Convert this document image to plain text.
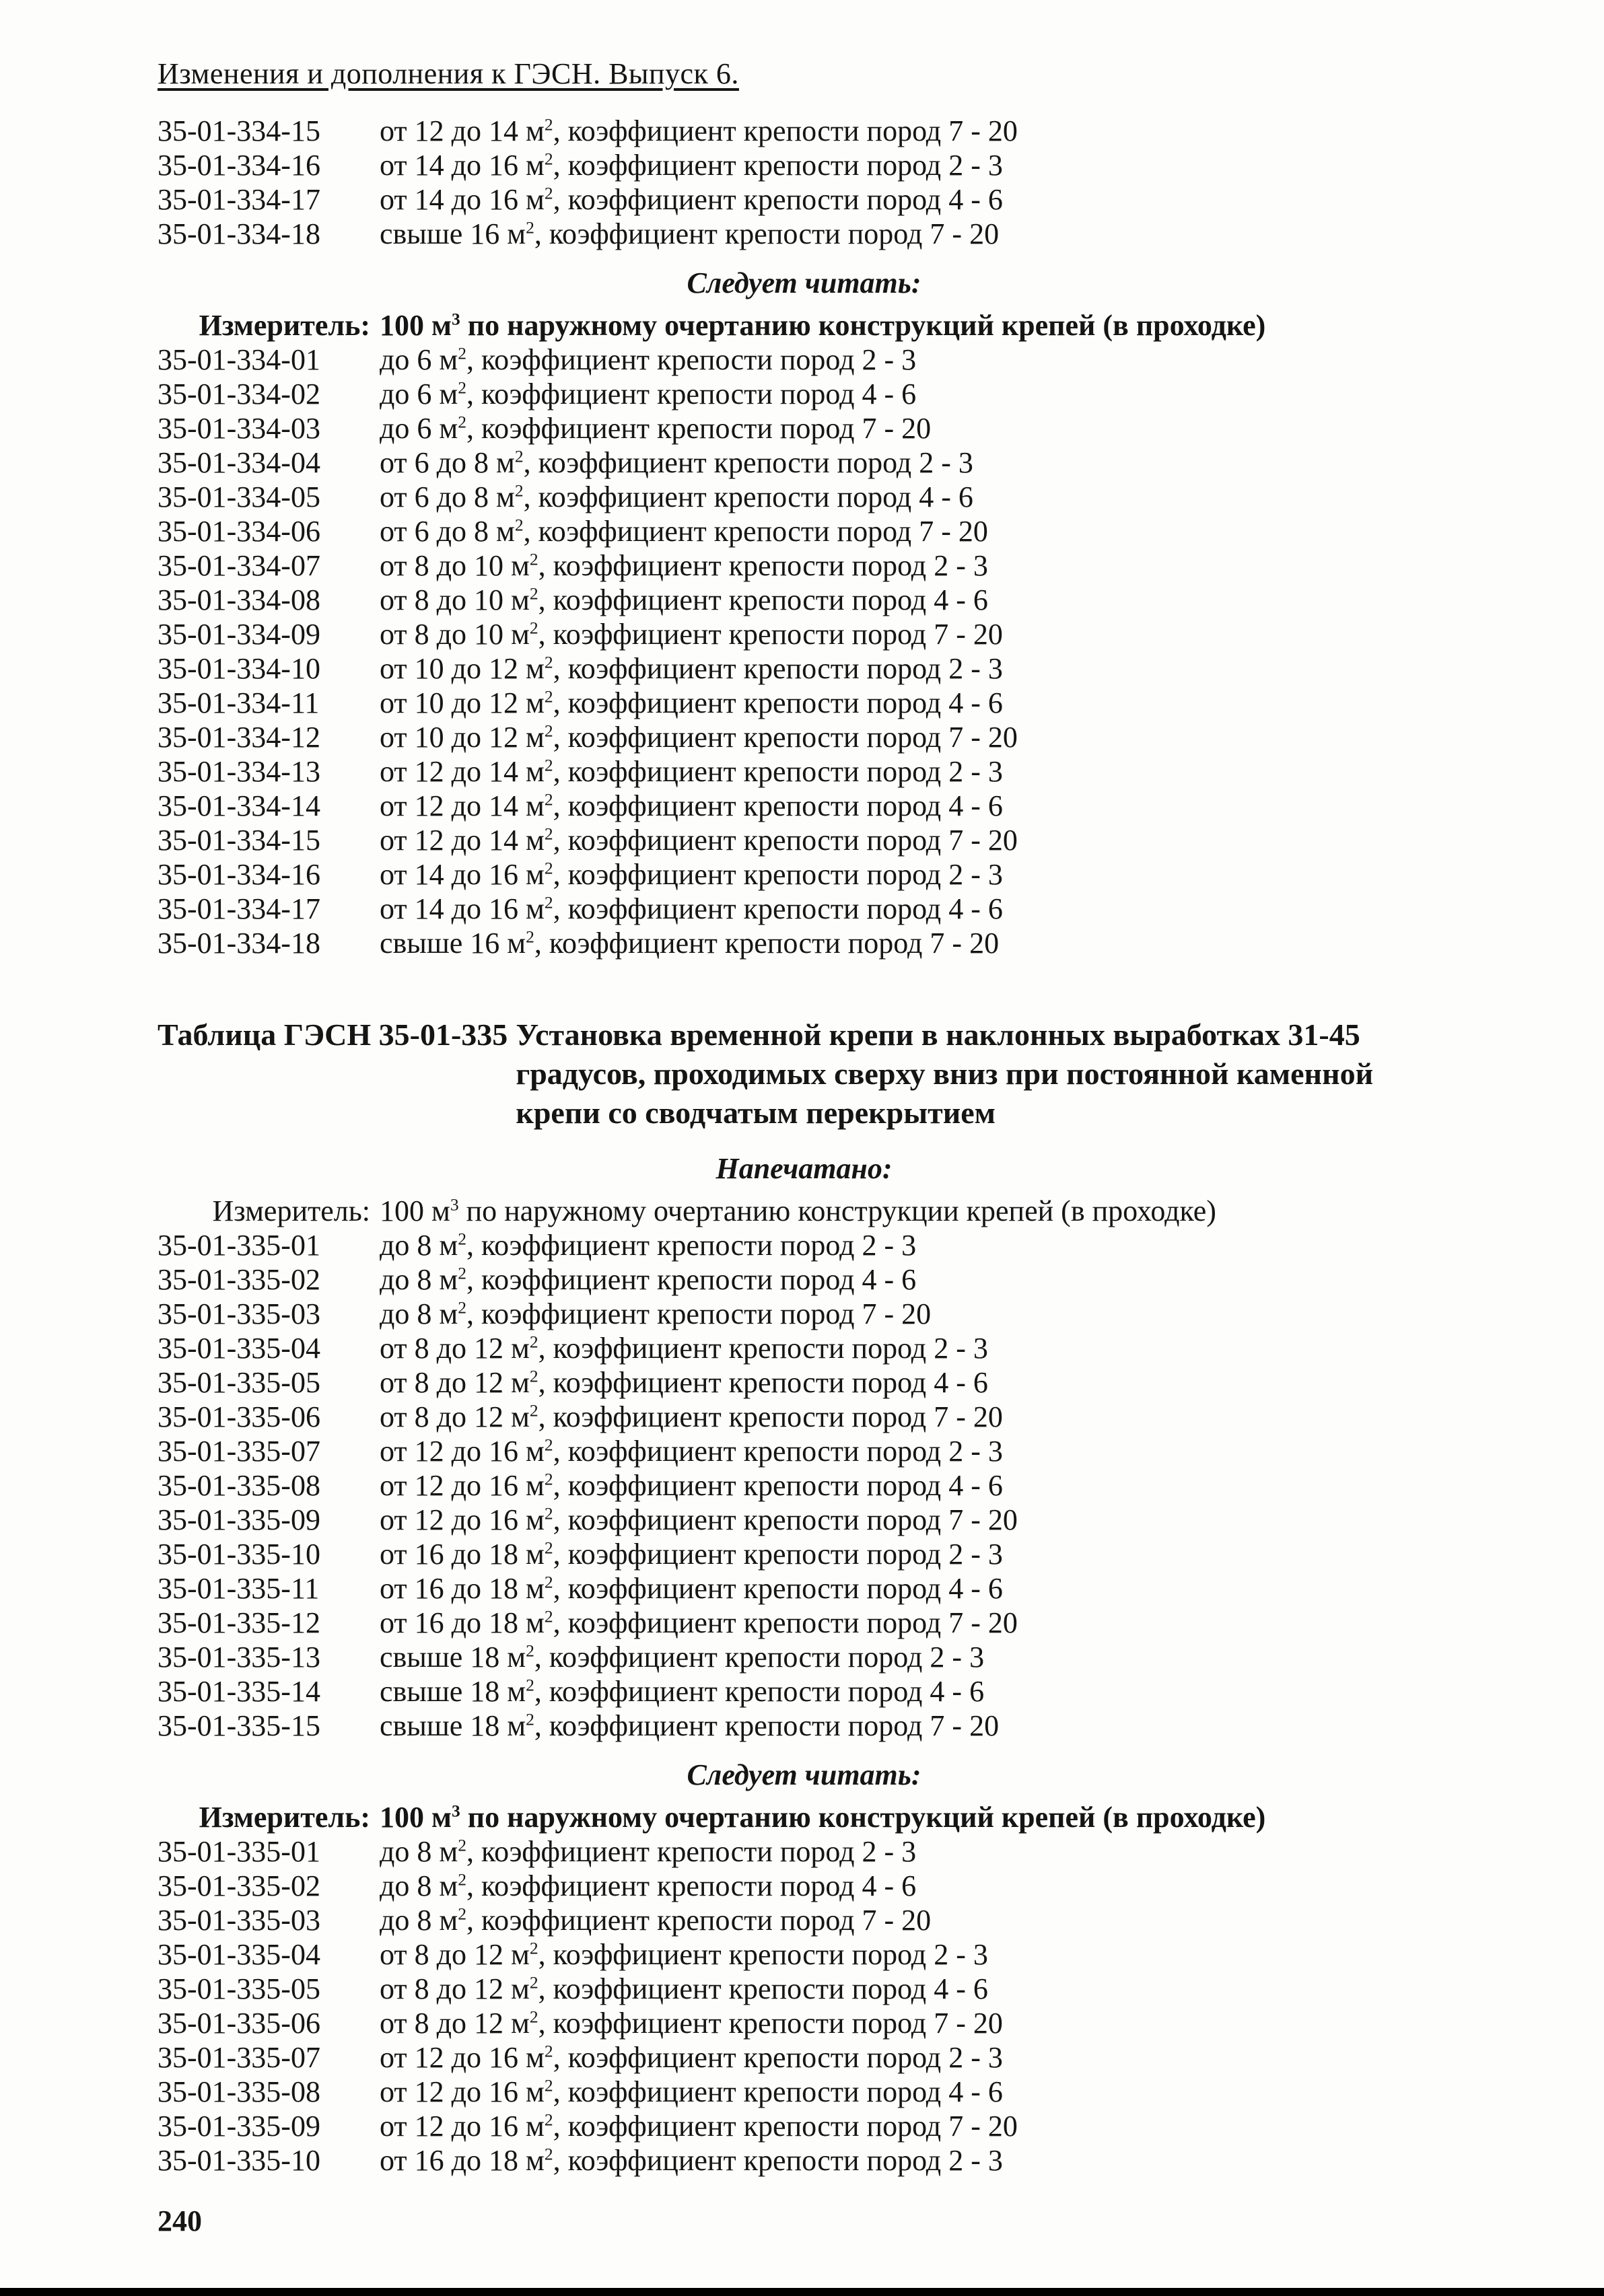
Изменения и дополнения к ГЭСН. Выпуск 6.
35-01-334-15	от 12 до 14 $м^2$, коэффициент крепости пород 7 - 20
35-01-334-16	от 14 до 16 $м^2$, коэффициент крепости пород 2 - 3
35-01-334-17	от 14 до 16 $м^2$, коэффициент крепости пород 4 - 6
35-01-334-18	свыше 16 $м^2$, коэффициент крепости пород 7 - 20
Следует читать:
Измеритель: 100 $м^3$ по наружному очертанию конструкций крепей (в проходке)
35-01-334-01	до 6 $м^2$, коэффициент крепости пород 2 - 3
35-01-334-02	до 6 $м^2$, коэффициент крепости пород 4 - 6
35-01-334-03	до 6 $м^2$, коэффициент крепости пород 7 - 20
35-01-334-04	от 6 до 8 $м^2$, коэффициент крепости пород 2 - 3
35-01-334-05	от 6 до 8 $м^2$, коэффициент крепости пород 4 - 6
35-01-334-06	от 6 до 8 $м^2$, коэффициент крепости пород 7 - 20
35-01-334-07	от 8 до 10 $м^2$, коэффициент крепости пород 2 - 3
35-01-334-08	от 8 до 10 $м^2$, коэффициент крепости пород 4 - 6
35-01-334-09	от 8 до 10 $м^2$, коэффициент крепости пород 7 - 20
35-01-334-10	от 10 до 12 $м^2$, коэффициент крепости пород 2 - 3
35-01-334-11	от 10 до 12 $м^2$, коэффициент крепости пород 4 - 6
35-01-334-12	от 10 до 12 $м^2$, коэффициент крепости пород 7 - 20
35-01-334-13	от 12 до 14 $м^2$, коэффициент крепости пород 2 - 3
35-01-334-14	от 12 до 14 $м^2$, коэффициент крепости пород 4 - 6
35-01-334-15	от 12 до 14 $м^2$, коэффициент крепости пород 7 - 20
35-01-334-16	от 14 до 16 $м^2$, коэффициент крепости пород 2 - 3
35-01-334-17	от 14 до 16 $м^2$, коэффициент крепости пород 4 - 6
35-01-334-18	свыше 16 $м^2$, коэффициент крепости пород 7 - 20
Таблица ГЭСН 35-01-335 Установка временной крепи в наклонных выработках 31-45
градусов, проходимых сверху вниз при постоянной каменной
крепи со сводчатым перекрытием
Напечатано:
Измеритель: 100 $м^3$ по наружному очертанию конструкции крепей (в проходке)
35-01-335-01	до 8 $м^2$, коэффициент крепости пород 2 - 3
35-01-335-02	до 8 $м^2$, коэффициент крепости пород 4 - 6
35-01-335-03	до 8 $м^2$, коэффициент крепости пород 7 - 20
35-01-335-04	от 8 до 12 $м^2$, коэффициент крепости пород 2 - 3
35-01-335-05	от 8 до 12 $м^2$, коэффициент крепости пород 4 - 6
35-01-335-06	от 8 до 12 $м^2$, коэффициент крепости пород 7 - 20
35-01-335-07	от 12 до 16 $м^2$, коэффициент крепости пород 2 - 3
35-01-335-08	от 12 до 16 $м^2$, коэффициент крепости пород 4 - 6
35-01-335-09	от 12 до 16 $м^2$, коэффициент крепости пород 7 - 20
35-01-335-10	от 16 до 18 $м^2$, коэффициент крепости пород 2 - 3
35-01-335-11	от 16 до 18 $м^2$, коэффициент крепости пород 4 - 6
35-01-335-12	от 16 до 18 $м^2$, коэффициент крепости пород 7 - 20
35-01-335-13	свыше 18 $м^2$, коэффициент крепости пород 2 - 3
35-01-335-14	свыше 18 $м^2$, коэффициент крепости пород 4 - 6
35-01-335-15	свыше 18 $м^2$, коэффициент крепости пород 7 - 20
Следует читать:
Измеритель: 100 $м^3$ по наружному очертанию конструкций крепей (в проходке)
35-01-335-01	до 8 $м^2$, коэффициент крепости пород 2 - 3
35-01-335-02	до 8 $м^2$, коэффициент крепости пород 4 - 6
35-01-335-03	до 8 $м^2$, коэффициент крепости пород 7 - 20
35-01-335-04	от 8 до 12 $м^2$, коэффициент крепости пород 2 - 3
35-01-335-05	от 8 до 12 $м^2$, коэффициент крепости пород 4 - 6
35-01-335-06	от 8 до 12 $м^2$, коэффициент крепости пород 7 - 20
35-01-335-07	от 12 до 16 $м^2$, коэффициент крепости пород 2 - 3
35-01-335-08	от 12 до 16 $м^2$, коэффициент крепости пород 4 - 6
35-01-335-09	от 12 до 16 $м^2$, коэффициент крепости пород 7 - 20
35-01-335-10	от 16 до 18 $м^2$, коэффициент крепости пород 2 - 3
240
